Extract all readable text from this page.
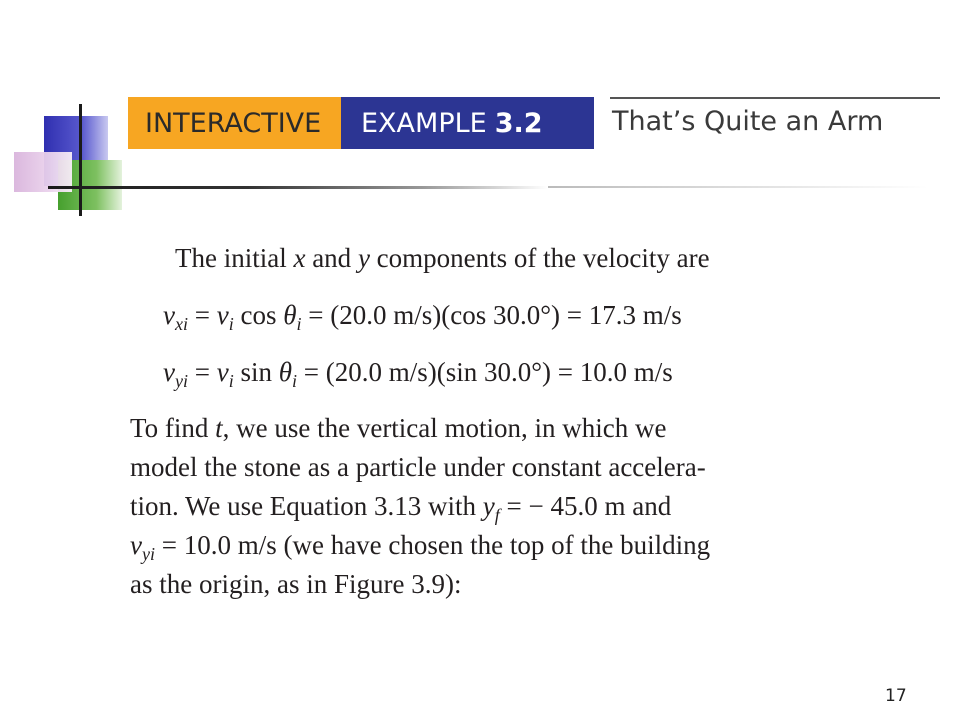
INTERACTIVE	EXAMPLE 3.2	That’s Quite an Arm
The initial x and y components of the velocity are
$v_{xi} = v_i$ $\cos \theta_i = (20.0$ m/s)(cos 30.0°) = 17.3 m/s
$v_{yi} = v_i$ $\sin \theta_i = (20.0$ m/s)(sin 30.0°) = 10.0 m/s
To find t, we use the vertical motion, in which we
model the stone as a particle under constant accelera-
tion. We use Equation 3.13 with $y_f$ = − 45.0 m and
$v_{yi} = 10.0$ m/s (we have chosen the top of the building
as the origin, as in Figure 3.9):
17
